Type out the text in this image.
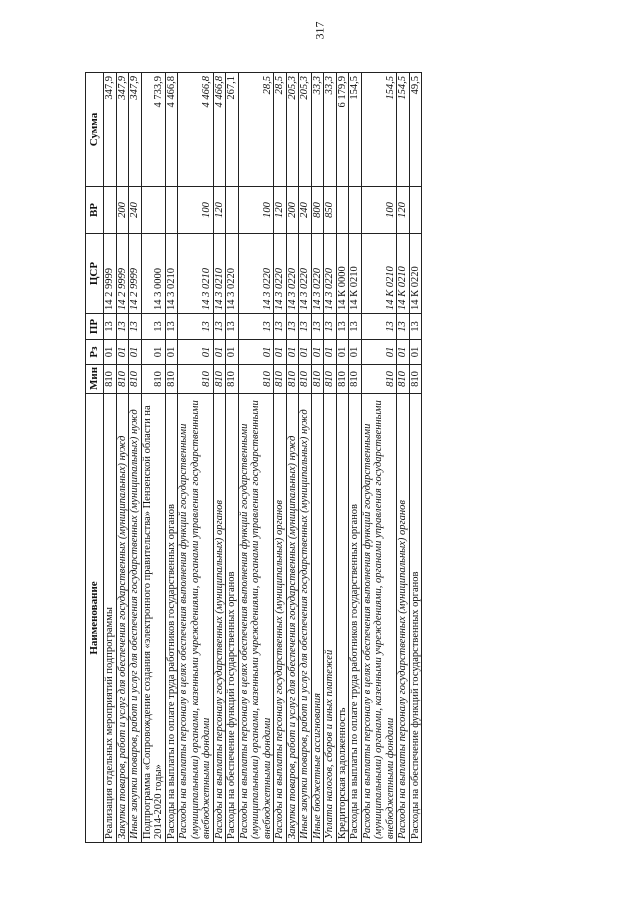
317
Наименование	Мин	Рз	ПР	ЦСР	ВР	Сумма
Реализация отдельных мероприятий подпрограммы	810	01	13	14 2 9999		347,9
Закупка товаров, работ и услуг для обеспечения государственных (муниципальных) нужд	810	01	13	14 2 9999	200	347,9
Иные закупки товаров, работ и услуг для обеспечения государственных (муниципальных) нужд	810	01	13	14 2 9999	240	347,9
Подпрограмма «Сопровождение создания «электронного правительства» Пензенской области на 2014-2020 годы»	810	01	13	14 3 0000		4 733,9
Расходы на выплаты по оплате труда работников государственных органов	810	01	13	14 3 0210		4 466,8
Расходы на выплаты персоналу в целях обеспечения выполнения функций государственными (муниципальными) органами, казенными учреждениями, органами управления государственными внебюджетными фондами	810	01	13	14 3 0210	100	4 466,8
Расходы на выплаты персоналу государственных (муниципальных) органов	810	01	13	14 3 0210	120	4 466,8
Расходы на обеспечение функций государственных органов	810	01	13	14 3 0220		267,1
Расходы на выплаты персоналу в целях обеспечения выполнения функций государственными (муниципальными) органами, казенными учреждениями, органами управления государственными внебюджетными фондами	810	01	13	14 3 0220	100	28,5
Расходы на выплаты персоналу государственных (муниципальных) органов	810	01	13	14 3 0220	120	28,5
Закупка товаров, работ и услуг для обеспечения государственных (муниципальных) нужд	810	01	13	14 3 0220	200	205,3
Иные закупки товаров, работ и услуг для обеспечения государственных (муниципальных) нужд	810	01	13	14 3 0220	240	205,3
Иные бюджетные ассигнования	810	01	13	14 3 0220	800	33,3
Уплата налогов, сборов и иных платежей	810	01	13	14 3 0220	850	33,3
Кредиторская задолженность	810	01	13	14 К 0000		6 179,9
Расходы на выплаты по оплате труда работников государственных органов	810	01	13	14 К 0210		154,5
Расходы на выплаты персоналу в целях обеспечения выполнения функций государственными (муниципальными) органами, казенными учреждениями, органами управления государственными внебюджетными фондами	810	01	13	14 К 0210	100	154,5
Расходы на выплаты персоналу государственных (муниципальных) органов	810	01	13	14 К 0210	120	154,5
Расходы на обеспечение функций государственных органов	810	01	13	14 К 0220		49,5
